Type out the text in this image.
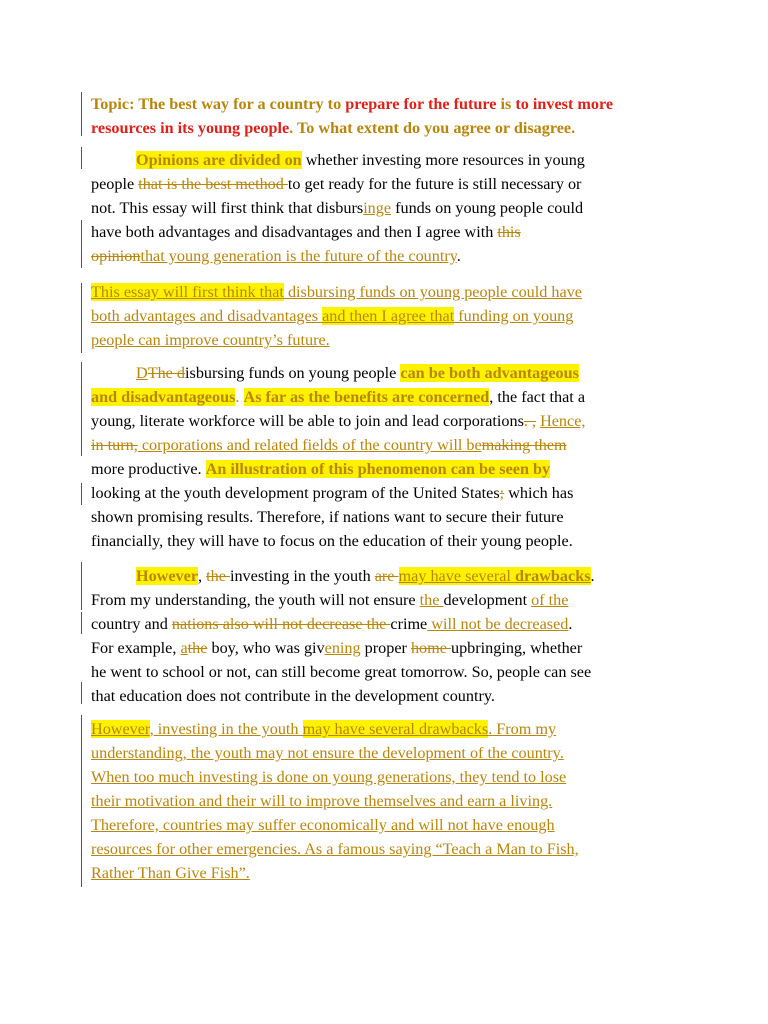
Topic: The best way for a country to prepare for the future is to invest more
resources in its young people. To what extent do you agree or disagree.
Opinions are divided on whether investing more resources in young
people that is the best method to get ready for the future is still necessary or
not. This essay will first think that disbursinge funds on young people could
have both advantages and disadvantages and then I agree with this
opinionthat young generation is the future of the country.
This essay will first think that disbursing funds on young people could have
both advantages and disadvantages and then I agree that funding on young
people can improve country’s future.
DThe disbursing funds on young people can be both advantageous
and disadvantageous. As far as the benefits are concerned, the fact that a
young, literate workforce will be able to join and lead corporations. , Hence,
in turn, corporations and related fields of the country will bemaking them
more productive. An illustration of this phenomenon can be seen by
looking at the youth development program of the United States; which has
shown promising results. Therefore, if nations want to secure their future
financially, they will have to focus on the education of their young people.
However, the investing in the youth are may have several drawbacks.
From my understanding, the youth will not ensure the development of the
country and nations also will not decrease the crime will not be decreased.
For example, athe boy, who was givening proper home upbringing, whether
he went to school or not, can still become great tomorrow. So, people can see
that education does not contribute in the development country.
However, investing in the youth may have several drawbacks. From my
understanding, the youth may not ensure the development of the country.
When too much investing is done on young generations, they tend to lose
their motivation and their will to improve themselves and earn a living.
Therefore, countries may suffer economically and will not have enough
resources for other emergencies. As a famous saying “Teach a Man to Fish,
Rather Than Give Fish”.
